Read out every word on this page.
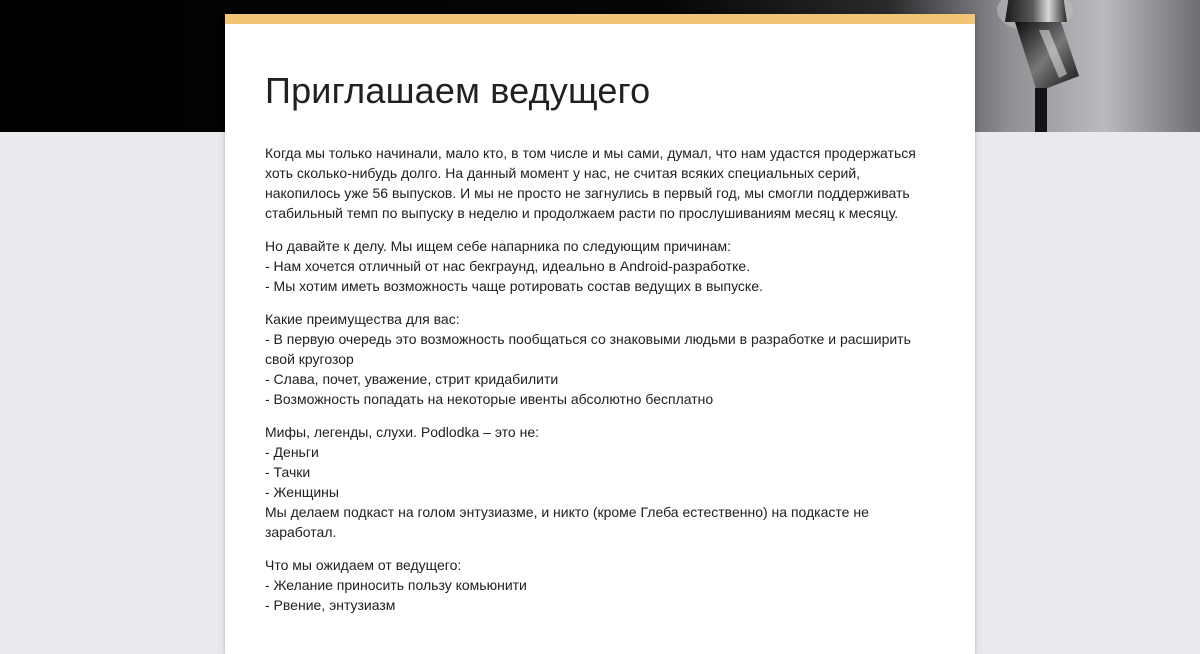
Приглашаем ведущего

Когда мы только начинали, мало кто, в том числе и мы сами, думал, что нам удастся продержаться хоть сколько-нибудь долго. На данный момент у нас, не считая всяких специальных серий, накопилось уже 56 выпусков. И мы не просто не загнулись в первый год, мы смогли поддерживать стабильный темп по выпуску в неделю и продолжаем расти по прослушиваниям месяц к месяцу.

Но давайте к делу. Мы ищем себе напарника по следующим причинам:
- Нам хочется отличный от нас бекграунд, идеально в Android-разработке.
- Мы хотим иметь возможность чаще ротировать состав ведущих в выпуске.

Какие преимущества для вас:
- В первую очередь это возможность пообщаться со знаковыми людьми в разработке и расширить свой кругозор
- Слава, почет, уважение, стрит кридабилити
- Возможность попадать на некоторые ивенты абсолютно бесплатно

Мифы, легенды, слухи. Podlodka – это не:
- Деньги
- Тачки
- Женщины
Мы делаем подкаст на голом энтузиазме, и никто (кроме Глеба естественно) на подкасте не заработал.

Что мы ожидаем от ведущего:
- Желание приносить пользу комьюнити
- Рвение, энтузиазм
